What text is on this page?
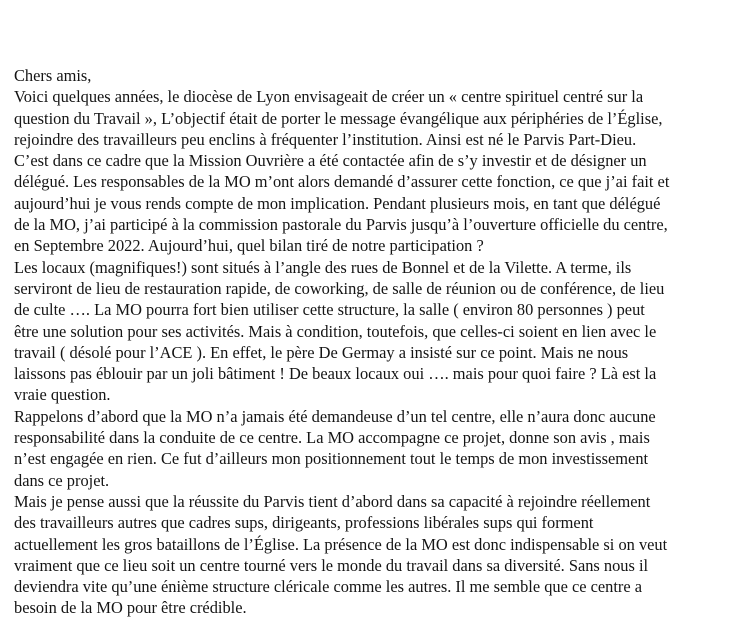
Chers amis,
Voici quelques années, le diocèse de Lyon envisageait de créer un « centre spirituel centré sur la
question du Travail », L’objectif était de porter le message évangélique aux périphéries de l’Église,
rejoindre des travailleurs peu enclins à fréquenter l’institution. Ainsi est né le Parvis Part-Dieu.
C’est dans ce cadre que la Mission Ouvrière a été contactée afin de s’y investir et de désigner un
délégué. Les responsables de la MO m’ont alors demandé d’assurer cette fonction, ce que j’ai fait et
aujourd’hui je vous rends compte de mon implication. Pendant plusieurs mois, en tant que délégué
de la MO, j’ai participé à la commission pastorale du Parvis jusqu’à l’ouverture officielle du centre,
en Septembre 2022. Aujourd’hui, quel bilan tiré de notre participation ?
Les locaux (magnifiques!) sont situés à l’angle des rues de Bonnel et de la Vilette. A terme, ils
serviront de lieu de restauration rapide, de coworking, de salle de réunion ou de conférence, de lieu
de culte …. La MO pourra fort bien utiliser cette structure, la salle ( environ 80 personnes ) peut
être une solution pour ses activités. Mais à condition, toutefois, que celles-ci soient en lien avec le
travail ( désolé pour l’ACE ). En effet, le père De Germay a insisté sur ce point. Mais ne nous
laissons pas éblouir par un joli bâtiment ! De beaux locaux oui …. mais pour quoi faire ? Là est la
vraie question.
Rappelons d’abord que la MO n’a jamais été demandeuse d’un tel centre, elle n’aura donc aucune
responsabilité dans la conduite de ce centre. La MO accompagne ce projet, donne son avis , mais
n’est engagée en rien. Ce fut d’ailleurs mon positionnement tout le temps de mon investissement
dans ce projet.
Mais je pense aussi que la réussite du Parvis tient d’abord dans sa capacité à rejoindre réellement
des travailleurs autres que cadres sups, dirigeants, professions libérales sups qui forment
actuellement les gros bataillons de l’Église. La présence de la MO est donc indispensable si on veut
vraiment que ce lieu soit un centre tourné vers le monde du travail dans sa diversité. Sans nous il
deviendra vite qu’une énième structure cléricale comme les autres. Il me semble que ce centre a
besoin de la MO pour être crédible.
